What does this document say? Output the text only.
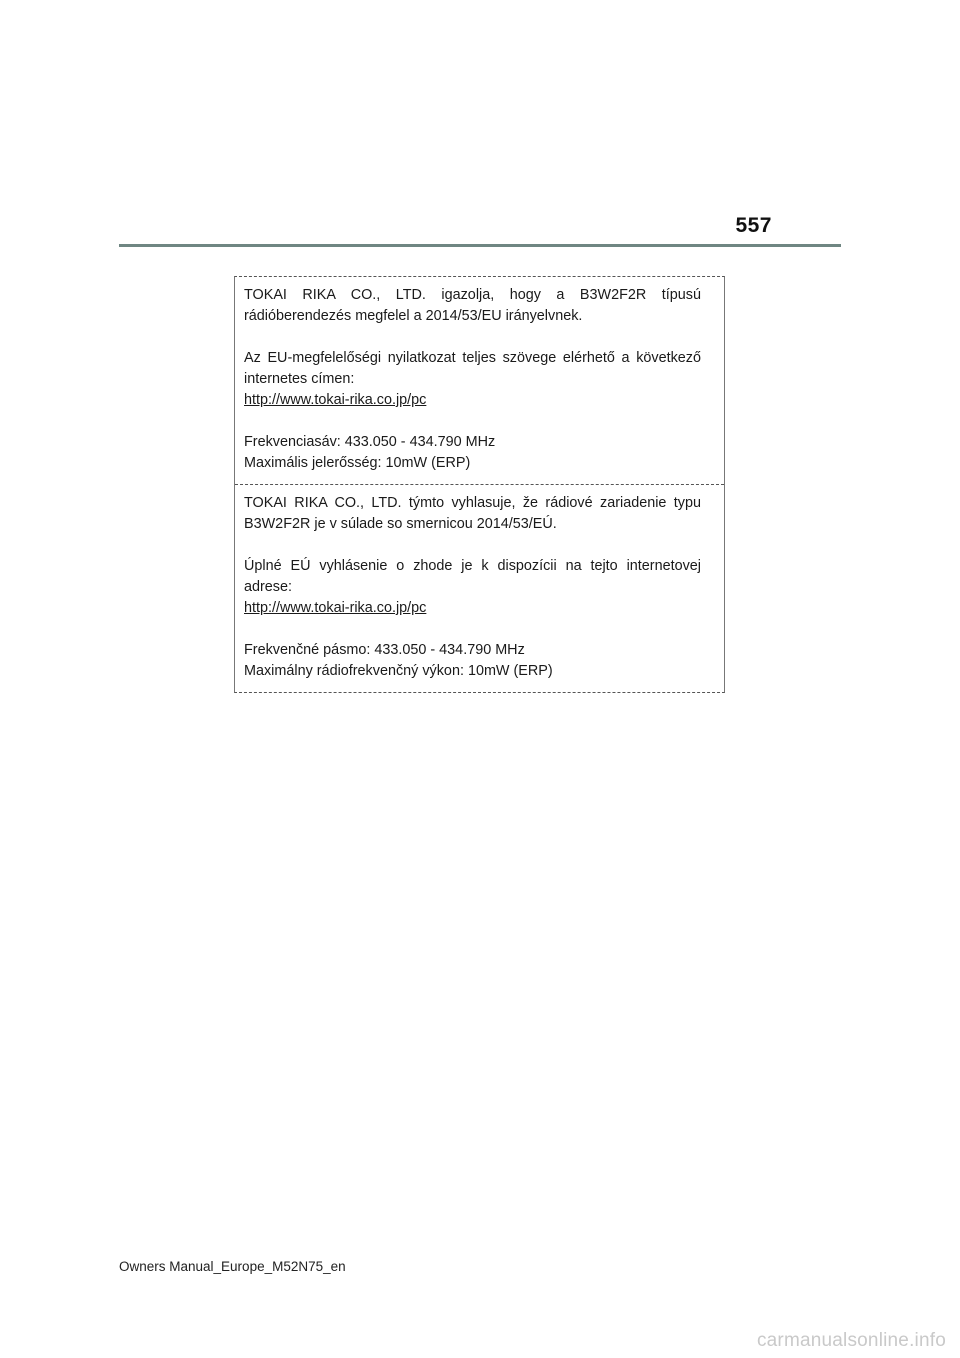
557

TOKAI RIKA CO., LTD. igazolja, hogy a B3W2F2R típusú rádióberendezés megfelel a 2014/53/EU irányelvnek.

Az EU-megfelelőségi nyilatkozat teljes szövege elérhető a következő internetes címen:
http://www.tokai-rika.co.jp/pc

Frekvenciasáv: 433.050 - 434.790 MHz
Maximális jelerősség: 10mW (ERP)

TOKAI RIKA CO., LTD. týmto vyhlasuje, že rádiové zariadenie typu B3W2F2R je v súlade so smernicou 2014/53/EÚ.

Úplné EÚ vyhlásenie o zhode je k dispozícii na tejto internetovej adrese:
http://www.tokai-rika.co.jp/pc

Frekvenčné pásmo: 433.050 - 434.790 MHz
Maximálny rádiofrekvenčný výkon: 10mW (ERP)

Owners Manual_Europe_M52N75_en
carmanualsonline.info
